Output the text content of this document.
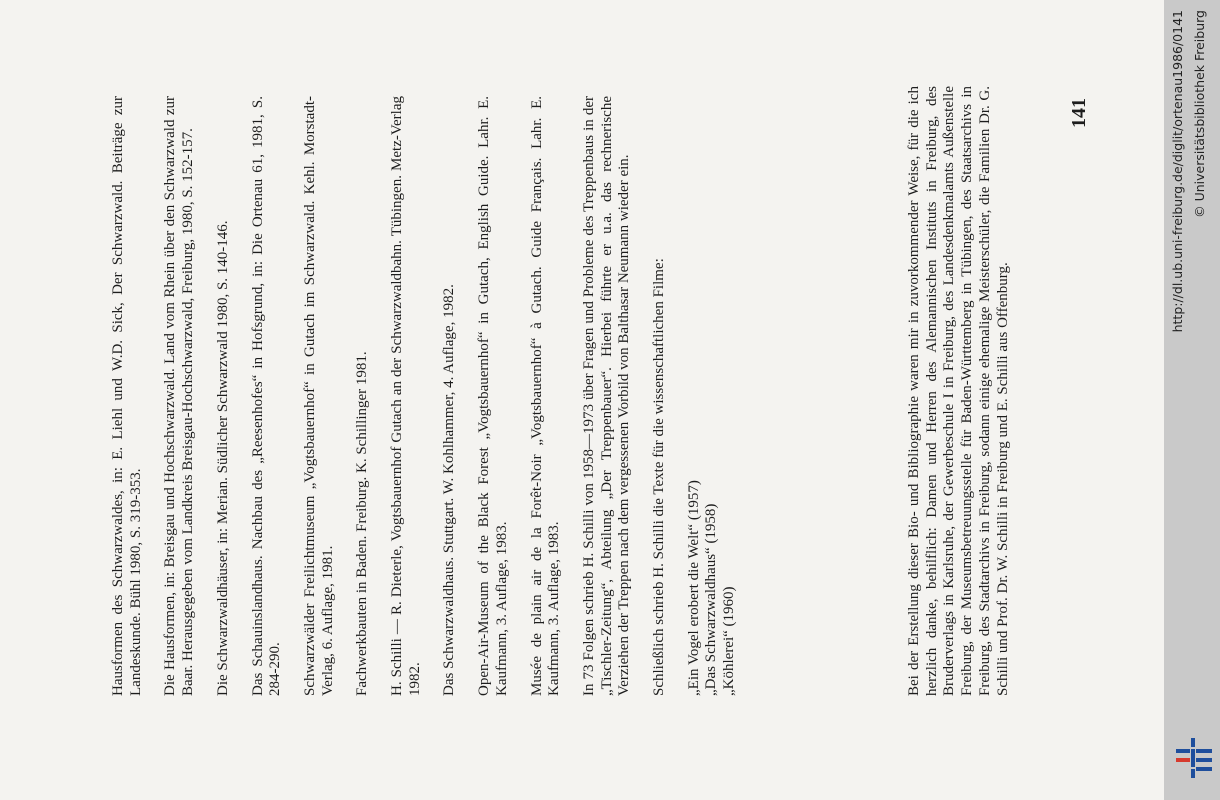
Hausformen des Schwarzwaldes, in: E. Liehl und W.D. Sick, Der Schwarzwald. Beiträge zur Landeskunde. Bühl 1980, S. 319-353. Die Hausformen, in: Breisgau und Hochschwarzwald. Land vom Rhein über den Schwarzwald zur Baar. Herausgegeben vom Landkreis Breisgau-Hochschwarzwald, Freiburg, 1980, S. 152-157. Die Schwarzwaldhäuser, in: Merian. Südlicher Schwarzwald 1980, S. 140-146. Das Schauinslandhaus. Nachbau des „Reesenhofes“ in Hofsgrund, in: Die Ortenau 61, 1981, S. 284-290. Schwarzwälder Freilichtmuseum „Vogtsbauernhof“ in Gutach im Schwarzwald. Kehl. Morstadt-Verlag, 6. Auflage, 1981. Fachwerkbauten in Baden. Freiburg. K. Schillinger 1981. H. Schilli — R. Dieterle, Vogtsbauernhof Gutach an der Schwarzwaldbahn. Tübingen. Metz-Verlag 1982. Das Schwarzwaldhaus. Stuttgart. W. Kohlhammer, 4. Auflage, 1982. Open-Air-Museum of the Black Forest „Vogtsbauernhof“ in Gutach, English Guide. Lahr. E. Kaufmann, 3. Auflage, 1983. Musée de plain air de la Forêt-Noir „Vogtsbauernhof“ à Gutach. Guide Français. Lahr. E. Kaufmann, 3. Auflage, 1983. In 73 Folgen schrieb H. Schilli von 1958—1973 über Fragen und Probleme des Treppenbaus in der „Tischler-Zeitung“, Abteilung „Der Treppenbauer“. Hierbei führte er u.a. das rechnerische Verziehen der Treppen nach dem vergessenen Vorbild von Balthasar Neumann wieder ein. Schließlich schrieb H. Schilli die Texte für die wissenschaftlichen Filme: „Ein Vogel erobert die Welt“ (1957) „Das Schwarzwaldhaus“ (1958) „Köhlerei“ (1960)	Bei der Erstellung dieser Bio- und Bibliographie waren mir in zuvorkommender Weise, für die ich herzlich danke, behilflich: Damen und Herren des Alemannischen Instituts in Freiburg, des Bruderverlags in Karlsruhe, der Gewerbeschule I in Freiburg, des Landesdenkmalamts Außenstelle Freiburg, der Museumsbetreuungsstelle für Baden-Württemberg in Tübingen, des Staatsarchivs in Freiburg, des Stadtarchivs in Freiburg, sodann einige ehemalige Meisterschüler, die Familien Dr. G. Schilli und Prof. Dr. W. Schilli in Freiburg und E. Schilli aus Offenburg.

141	http://dl.ub.uni-freiburg.de/diglit/ortenau1986/0141 © Universitätsbibliothek Freiburg
